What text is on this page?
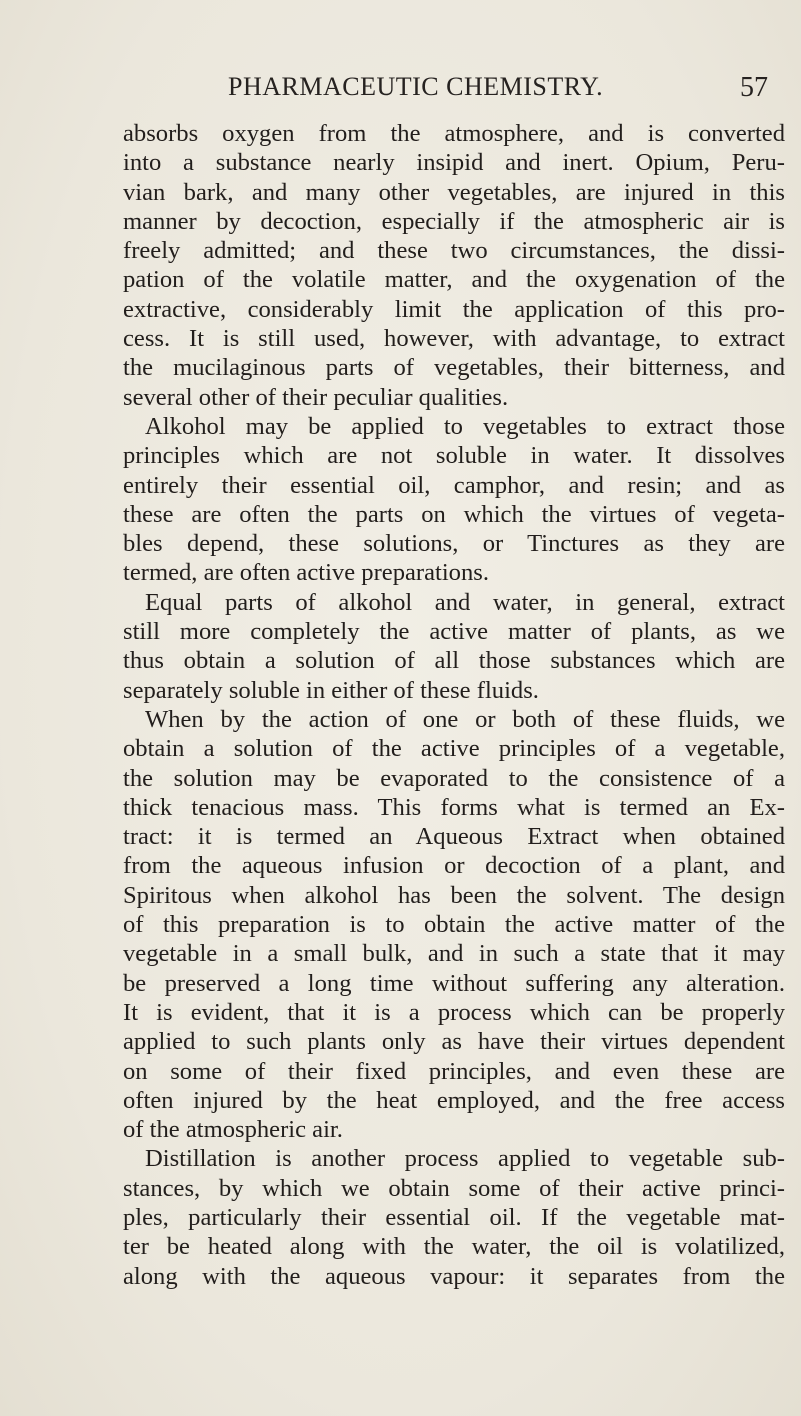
PHARMACEUTIC CHEMISTRY.	57
absorbs oxygen from the atmosphere, and is converted
into a substance nearly insipid and inert. Opium, Peru-
vian bark, and many other vegetables, are injured in this
manner by decoction, especially if the atmospheric air is
freely admitted; and these two circumstances, the dissi-
pation of the volatile matter, and the oxygenation of the
extractive, considerably limit the application of this pro-
cess. It is still used, however, with advantage, to extract
the mucilaginous parts of vegetables, their bitterness, and
several other of their peculiar qualities.
Alkohol may be applied to vegetables to extract those
principles which are not soluble in water. It dissolves
entirely their essential oil, camphor, and resin; and as
these are often the parts on which the virtues of vegeta-
bles depend, these solutions, or Tinctures as they are
termed, are often active preparations.
Equal parts of alkohol and water, in general, extract
still more completely the active matter of plants, as we
thus obtain a solution of all those substances which are
separately soluble in either of these fluids.
When by the action of one or both of these fluids, we
obtain a solution of the active principles of a vegetable,
the solution may be evaporated to the consistence of a
thick tenacious mass. This forms what is termed an Ex-
tract: it is termed an Aqueous Extract when obtained
from the aqueous infusion or decoction of a plant, and
Spiritous when alkohol has been the solvent. The design
of this preparation is to obtain the active matter of the
vegetable in a small bulk, and in such a state that it may
be preserved a long time without suffering any alteration.
It is evident, that it is a process which can be properly
applied to such plants only as have their virtues dependent
on some of their fixed principles, and even these are
often injured by the heat employed, and the free access
of the atmospheric air.
Distillation is another process applied to vegetable sub-
stances, by which we obtain some of their active princi-
ples, particularly their essential oil. If the vegetable mat-
ter be heated along with the water, the oil is volatilized,
along with the aqueous vapour: it separates from the
